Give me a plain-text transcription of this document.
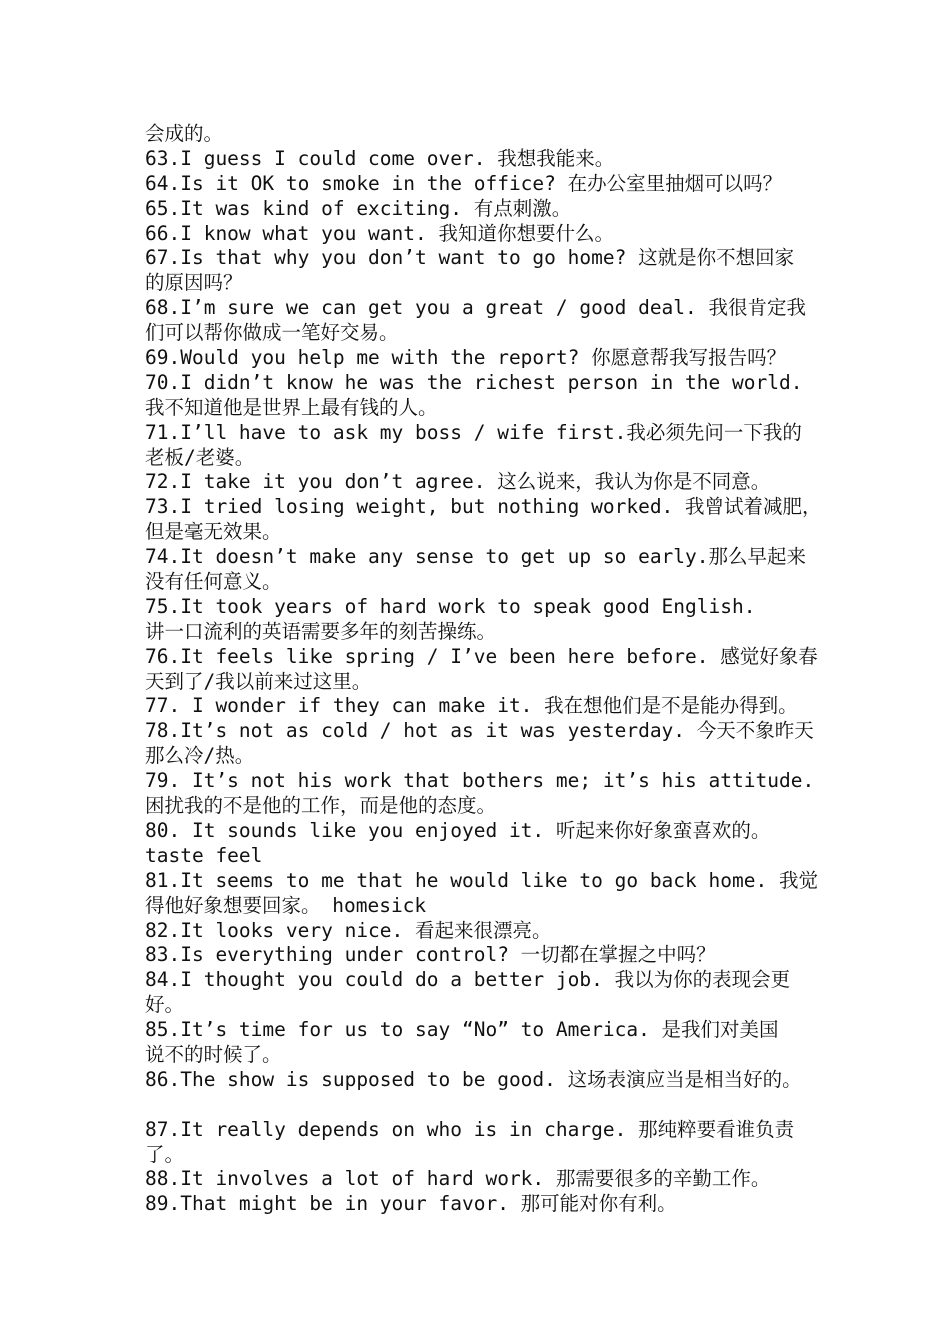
会成的。
63.I guess I could come over. 我想我能来。
64.Is it OK to smoke in the office? 在办公室里抽烟可以吗？
65.It was kind of exciting. 有点刺激。
66.I know what you want. 我知道你想要什么。
67.Is that why you don’t want to go home? 这就是你不想回家
的原因吗？
68.I’m sure we can get you a great / good deal. 我很肯定我
们可以帮你做成一笔好交易。
69.Would you help me with the report? 你愿意帮我写报告吗？
70.I didn’t know he was the richest person in the world.
我不知道他是世界上最有钱的人。
71.I’ll have to ask my boss / wife first.我必须先问一下我的
老板/老婆。
72.I take it you don’t agree. 这么说来，我认为你是不同意。
73.I tried losing weight, but nothing worked. 我曾试着减肥，
但是毫无效果。
74.It doesn’t make any sense to get up so early.那么早起来
没有任何意义。
75.It took years of hard work to speak good English.
讲一口流利的英语需要多年的刻苦操练。
76.It feels like spring / I’ve been here before. 感觉好象春
天到了/我以前来过这里。
77. I wonder if they can make it. 我在想他们是不是能办得到。
78.It’s not as cold / hot as it was yesterday. 今天不象昨天
那么冷/热。
79. It’s not his work that bothers me; it’s his attitude.
困扰我的不是他的工作，而是他的态度。
80. It sounds like you enjoyed it. 听起来你好象蛮喜欢的。
taste feel
81.It seems to me that he would like to go back home. 我觉
得他好象想要回家。 homesick
82.It looks very nice. 看起来很漂亮。
83.Is everything under control? 一切都在掌握之中吗？
84.I thought you could do a better job. 我以为你的表现会更
好。
85.It’s time for us to say “No” to America. 是我们对美国
说不的时候了。
86.The show is supposed to be good. 这场表演应当是相当好的。
87.It really depends on who is in charge. 那纯粹要看谁负责
了。
88.It involves a lot of hard work. 那需要很多的辛勤工作。
89.That might be in your favor. 那可能对你有利。
